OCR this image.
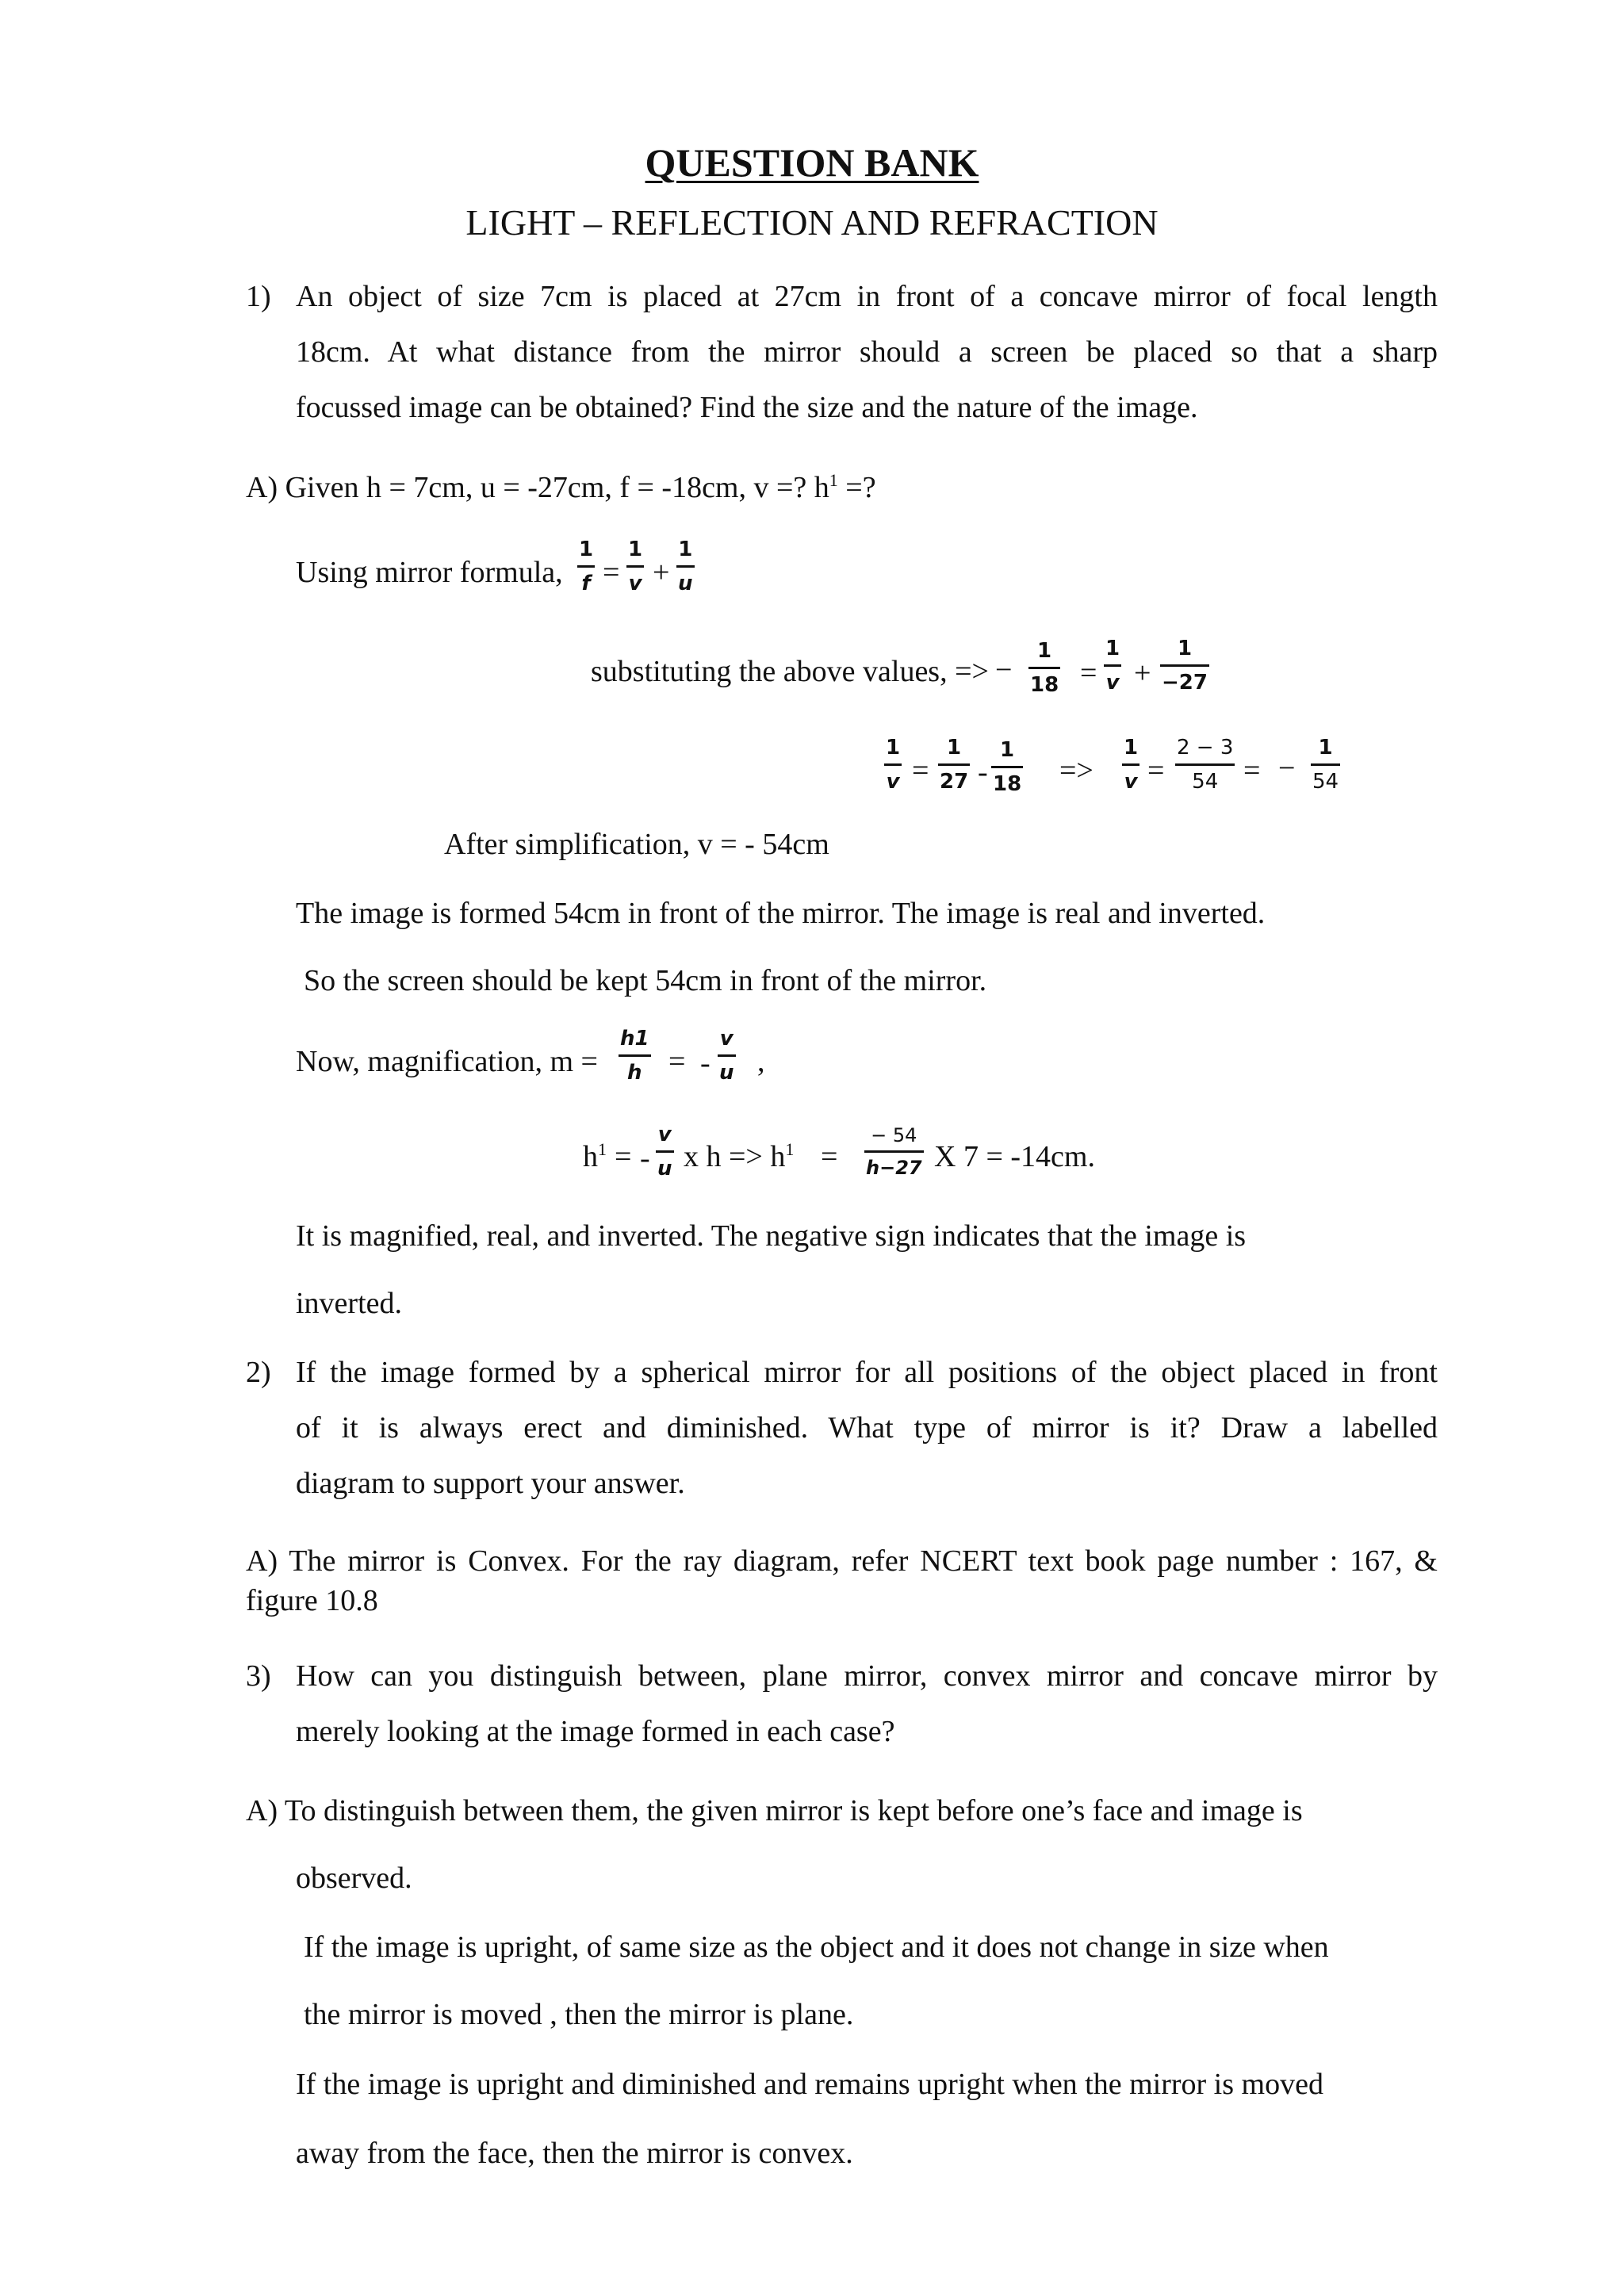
QUESTION BANK
LIGHT – REFLECTION AND REFRACTION
1) An object of size 7cm is placed at 27cm in front of a concave mirror of focal length
18cm. At what distance from the mirror should a screen be placed so that a sharp
focussed image can be obtained? Find the size and the nature of the image.
A) Given h = 7cm, u = -27cm, f = -18cm, v =? $h^1$ =?
Using mirror formula,
1
f =
1
v +
1
u
substituting the above values, => −
1
18 =
1
v +
1
−27
1
v =
1
27 -
1
18 =>
1
v =
2 − 3
54 = −
1
54
After simplification, v = - 54cm
The image is formed 54cm in front of the mirror. The image is real and inverted.
So the screen should be kept 54cm in front of the mirror.
Now, magnification, m =
h1
h = -
v
u ,
$h^1$ = -
v
u x $h => h^1$ =
− 54
h−27 X 7 = -14cm.
It is magnified, real, and inverted. The negative sign indicates that the image is
inverted.
2) If the image formed by a spherical mirror for all positions of the object placed in front
of it is always erect and diminished. What type of mirror is it? Draw a labelled
diagram to support your answer.
A) The mirror is Convex. For the ray diagram, refer NCERT text book page number : 167, &
figure 10.8
3) How can you distinguish between, plane mirror, convex mirror and concave mirror by
merely looking at the image formed in each case?
A) To distinguish between them, the given mirror is kept before one’s face and image is
observed.
If the image is upright, of same size as the object and it does not change in size when
the mirror is moved , then the mirror is plane.
If the image is upright and diminished and remains upright when the mirror is moved
away from the face, then the mirror is convex.
